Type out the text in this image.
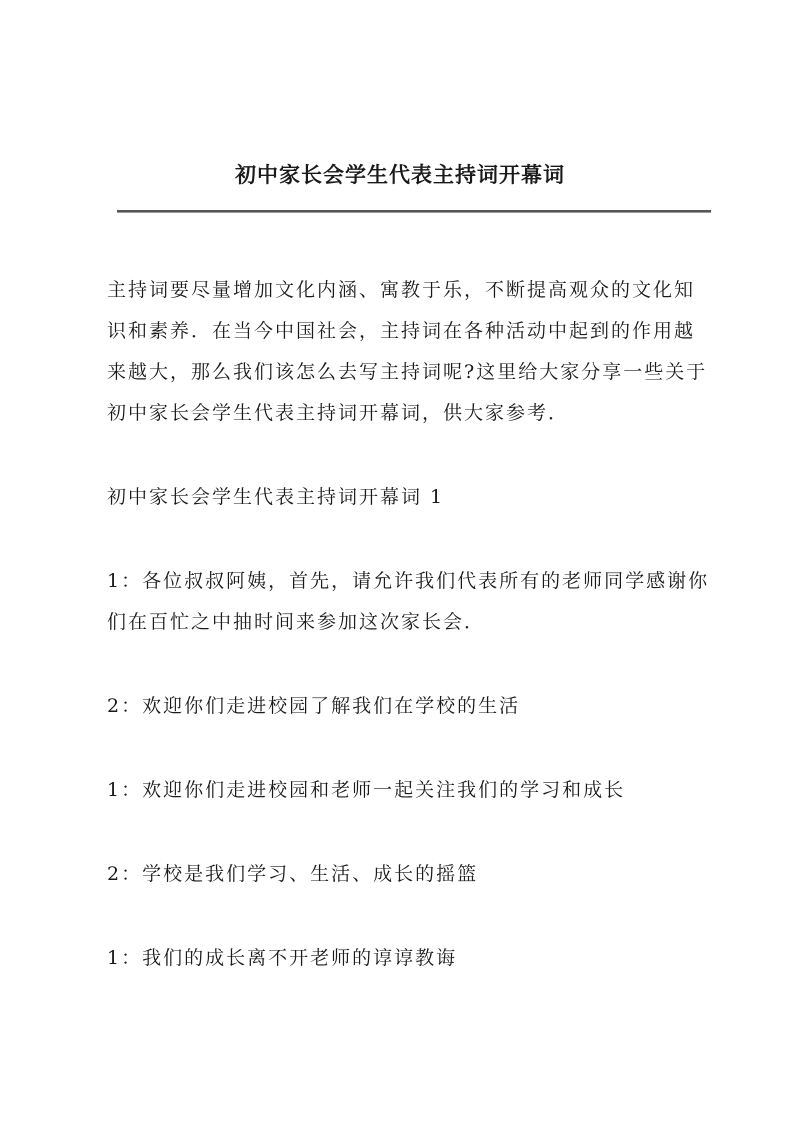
初中家长会学生代表主持词开幕词

主持词要尽量增加文化内涵、寓教于乐，不断提高观众的文化知识和素养．在当今中国社会，主持词在各种活动中起到的作用越来越大，那么我们该怎么去写主持词呢?这里给大家分享一些关于初中家长会学生代表主持词开幕词，供大家参考．

初中家长会学生代表主持词开幕词 1

1：各位叔叔阿姨，首先，请允许我们代表所有的老师同学感谢你们在百忙之中抽时间来参加这次家长会．

2：欢迎你们走进校园了解我们在学校的生活

1：欢迎你们走进校园和老师一起关注我们的学习和成长

2：学校是我们学习、生活、成长的摇篮

1：我们的成长离不开老师的谆谆教诲
